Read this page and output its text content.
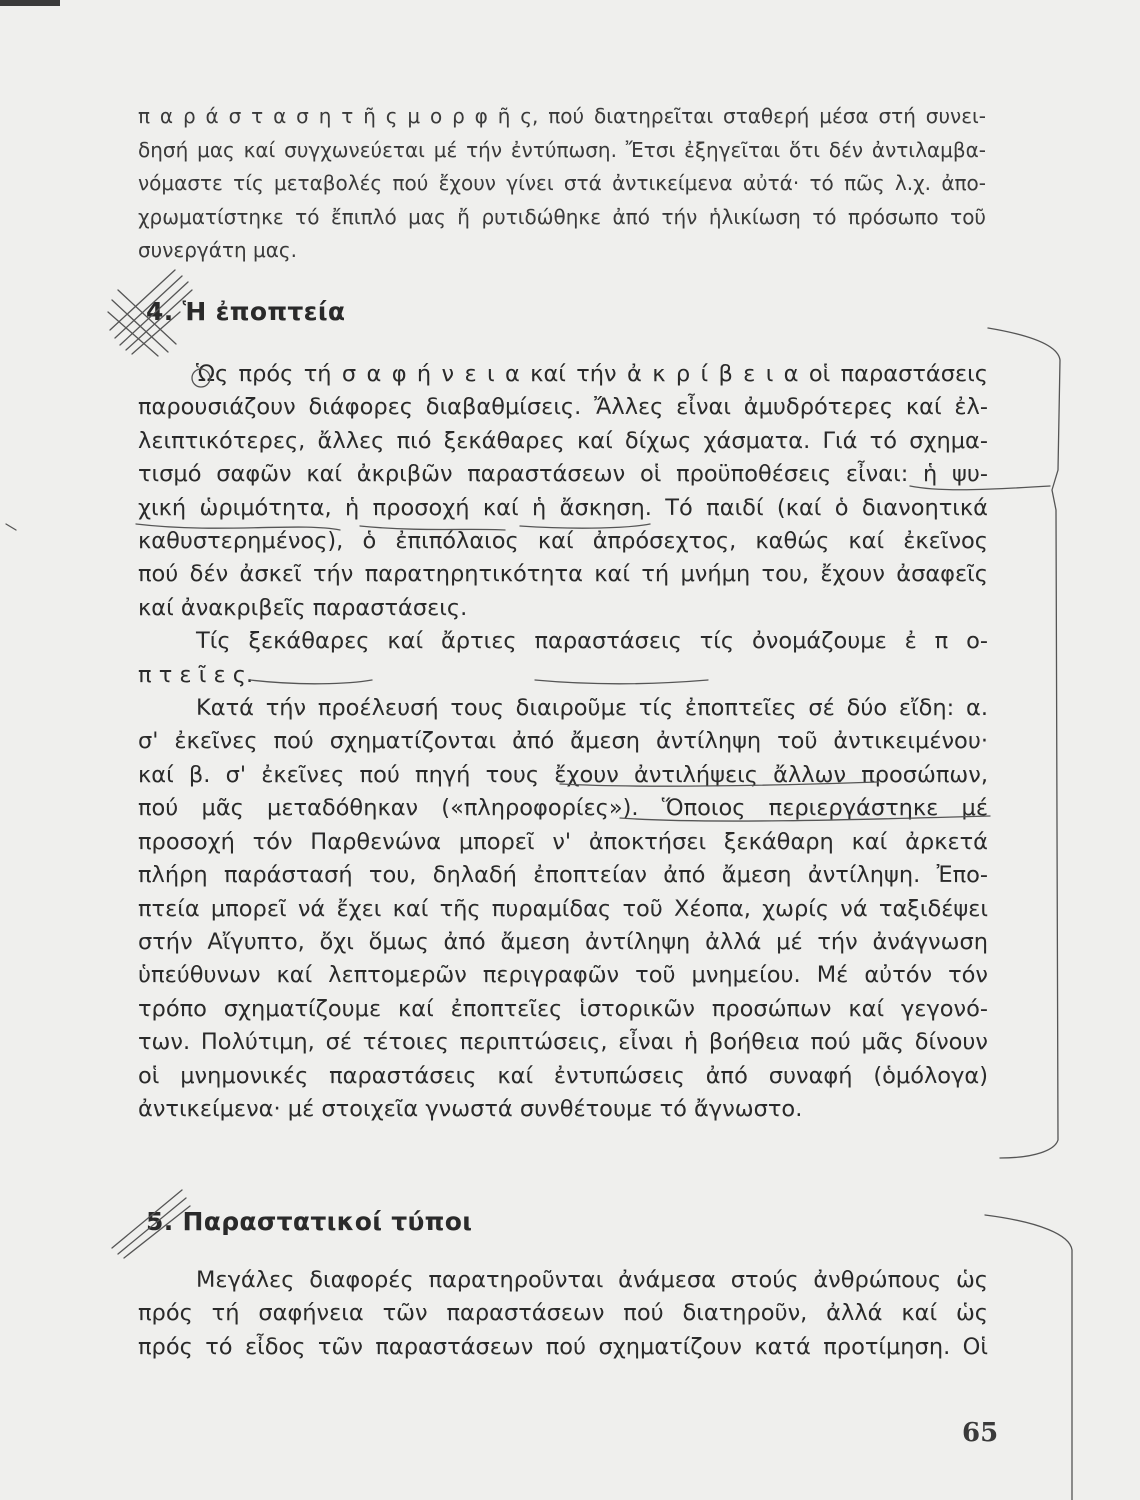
π α ρ ά σ τ α σ η τ ῆ ς μ ο ρ φ ῆ ς, πού διατηρεῖται σταθερή μέσα στή συνει-
δησή μας καί συγχωνεύεται μέ τήν ἐντύπωση. Ἔτσι ἐξηγεῖται ὅτι δέν ἀντιλαμβα-
νόμαστε τίς μεταβολές πού ἔχουν γίνει στά ἀντικείμενα αὐτά· τό πῶς λ.χ. ἀπο-
χρωματίστηκε τό ἔπιπλό μας ἤ ρυτιδώθηκε ἀπό τήν ἡλικίωση τό πρόσωπο τοῦ
συνεργάτη μας.
4. Ἡ ἐποπτεία
Ὡς πρός τή σ α φ ή ν ε ι α καί τήν ἀ κ ρ ί β ε ι α οἱ παραστάσεις
παρουσιάζουν διάφορες διαβαθμίσεις. Ἄλλες εἶναι ἀμυδρότερες καί ἐλ-
λειπτικότερες, ἄλλες πιό ξεκάθαρες καί δίχως χάσματα. Γιά τό σχημα-
τισμό σαφῶν καί ἀκριβῶν παραστάσεων οἱ προϋποθέσεις εἶναι: ἡ ψυ-
χική ὡριμότητα, ἡ προσοχή καί ἡ ἄσκηση. Τό παιδί (καί ὁ διανοητικά
καθυστερημένος), ὁ ἐπιπόλαιος καί ἀπρόσεχτος, καθώς καί ἐκεῖνος
πού δέν ἀσκεῖ τήν παρατηρητικότητα καί τή μνήμη του, ἔχουν ἀσαφεῖς
καί ἀνακριβεῖς παραστάσεις.
Τίς ξεκάθαρες καί ἄρτιες παραστάσεις τίς ὀνομάζουμε ἐ π ο-
π τ ε ῖ ε ς.
Κατά τήν προέλευσή τους διαιροῦμε τίς ἐποπτεῖες σέ δύο εἴδη: α.
σ' ἐκεῖνες πού σχηματίζονται ἀπό ἄμεση ἀντίληψη τοῦ ἀντικειμένου·
καί β. σ' ἐκεῖνες πού πηγή τους ἔχουν ἀντιλήψεις ἄλλων προσώπων,
πού μᾶς μεταδόθηκαν («πληροφορίες»). Ὅποιος περιεργάστηκε μέ
προσοχή τόν Παρθενώνα μπορεῖ ν' ἀποκτήσει ξεκάθαρη καί ἀρκετά
πλήρη παράστασή του, δηλαδή ἐποπτείαν ἀπό ἄμεση ἀντίληψη. Ἐπο-
πτεία μπορεῖ νά ἔχει καί τῆς πυραμίδας τοῦ Χέοπα, χωρίς νά ταξιδέψει
στήν Αἴγυπτο, ὄχι ὅμως ἀπό ἄμεση ἀντίληψη ἀλλά μέ τήν ἀνάγνωση
ὑπεύθυνων καί λεπτομερῶν περιγραφῶν τοῦ μνημείου. Μέ αὐτόν τόν
τρόπο σχηματίζουμε καί ἐποπτεῖες ἱστορικῶν προσώπων καί γεγονό-
των. Πολύτιμη, σέ τέτοιες περιπτώσεις, εἶναι ἡ βοήθεια πού μᾶς δίνουν
οἱ μνημονικές παραστάσεις καί ἐντυπώσεις ἀπό συναφή (ὁμόλογα)
ἀντικείμενα· μέ στοιχεῖα γνωστά συνθέτουμε τό ἄγνωστο.
5. Παραστατικοί τύποι
Μεγάλες διαφορές παρατηροῦνται ἀνάμεσα στούς ἀνθρώπους ὡς
πρός τή σαφήνεια τῶν παραστάσεων πού διατηροῦν, ἀλλά καί ὡς
πρός τό εἶδος τῶν παραστάσεων πού σχηματίζουν κατά προτίμηση. Οἱ
65
